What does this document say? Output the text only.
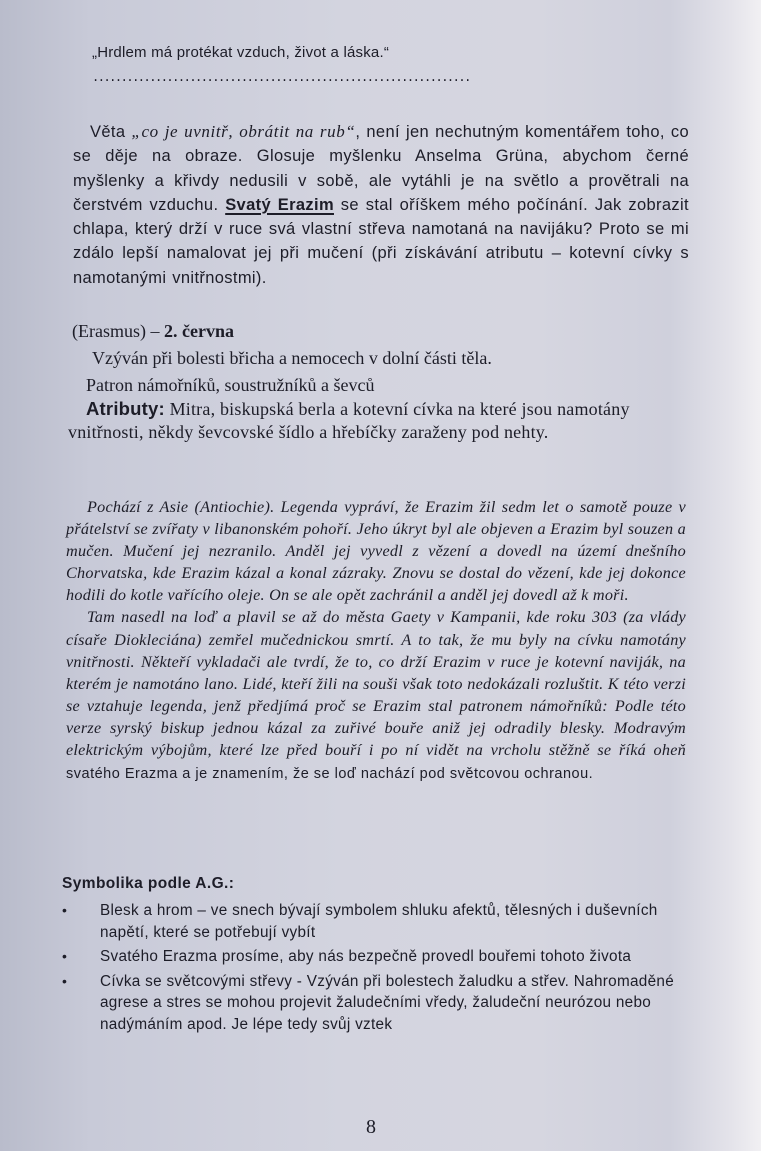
„Hrdlem má protékat vzduch, život a láska.“
..................................................................

Věta „co je uvnitř, obrátit na rub“, není jen nechutným komentářem toho, co se děje na obraze. Glosuje myšlenku Anselma Grüna, abychom černé myšlenky a křivdy nedusili v sobě, ale vytáhli je na světlo a provětrali na čerstvém vzduchu. Svatý Erazim se stal oříškem mého počínání. Jak zobrazit chlapa, který drží v ruce svá vlastní střeva namotaná na navijáku? Proto se mi zdálo lepší namalovat jej při mučení (při získávání atributu – kotevní cívky s namotanými vnitřnostmi).

(Erasmus) – 2. června
Vzýván při bolesti břicha a nemocech v dolní části těla.
Patron námořníků, soustružníků a ševců
Atributy: Mitra, biskupská berla a kotevní cívka na které jsou namotány vnitřnosti, někdy ševcovské šídlo a hřebíčky zaraženy pod nehty.

Pochází z Asie (Antiochie). Legenda vypráví, že Erazim žil sedm let o samotě pouze v přátelství se zvířaty v libanonském pohoří. Jeho úkryt byl ale objeven a Erazim byl souzen a mučen. Mučení jej nezranilo. Anděl jej vyvedl z vězení a dovedl na území dnešního Chorvatska, kde Erazim kázal a konal zázraky. Znovu se dostal do vězení, kde jej dokonce hodili do kotle vařícího oleje. On se ale opět zachránil a anděl jej dovedl až k moři.

Tam nasedl na loď a plavil se až do města Gaety v Kampanii, kde roku 303 (za vlády císaře Diokleciána) zemřel mučednickou smrtí. A to tak, že mu byly na cívku namotány vnitřnosti. Někteří vykladači ale tvrdí, že to, co drží Erazim v ruce je kotevní naviják, na kterém je namotáno lano. Lidé, kteří žili na souši však toto nedokázali rozluštit. K této verzi se vztahuje legenda, jenž předjímá proč se Erazim stal patronem námořníků: Podle této verze syrský biskup jednou kázal za zuřivé bouře aniž jej odradily blesky. Modravým elektrickým výbojům, které lze před bouří i po ní vidět na vrcholu stěžně se říká oheň svatého Erazma a je znamením, že se loď nachází pod světcovou ochranou.

Symbolika podle A.G.:
• Blesk a hrom – ve snech bývají symbolem shluku afektů, tělesných i duševních napětí, které se potřebují vybít
• Svatého Erazma prosíme, aby nás bezpečně provedl bouřemi tohoto života
• Cívka se světcovými střevy - Vzýván při bolestech žaludku a střev. Nahromaděné agrese a stres se mohou projevit žaludečními vředy, žaludeční neurózou nebo nadýmáním apod. Je lépe tedy svůj vztek
8
